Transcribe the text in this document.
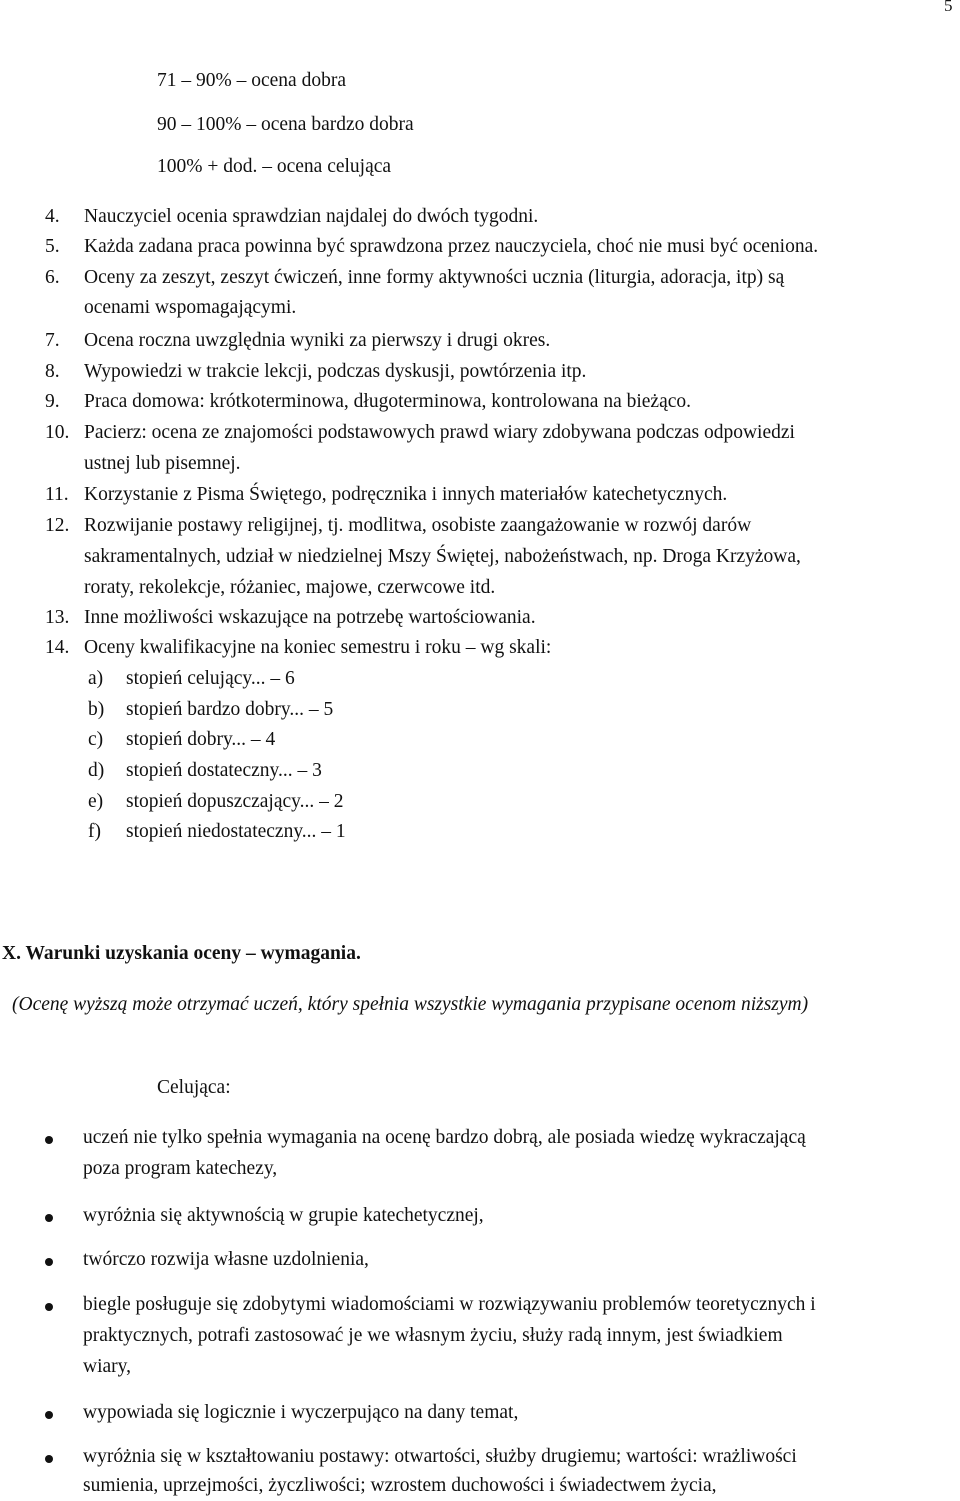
5
71 – 90% – ocena dobra
90 – 100% – ocena bardzo dobra
100% + dod. – ocena celująca
4. Nauczyciel ocenia sprawdzian najdalej do dwóch tygodni.
5. Każda zadana praca powinna być sprawdzona przez nauczyciela, choć nie musi być oceniona.
6. Oceny za zeszyt, zeszyt ćwiczeń, inne formy aktywności ucznia (liturgia, adoracja, itp) są
ocenami wspomagającymi.
7. Ocena roczna uwzględnia wyniki za pierwszy i drugi okres.
8. Wypowiedzi w trakcie lekcji, podczas dyskusji, powtórzenia itp.
9. Praca domowa: krótkoterminowa, długoterminowa, kontrolowana na bieżąco.
10. Pacierz: ocena ze znajomości podstawowych prawd wiary zdobywana podczas odpowiedzi
ustnej lub pisemnej.
11. Korzystanie z Pisma Świętego, podręcznika i innych materiałów katechetycznych.
12. Rozwijanie postawy religijnej, tj. modlitwa, osobiste zaangażowanie w rozwój darów
sakramentalnych, udział w niedzielnej Mszy Świętej, nabożeństwach, np. Droga Krzyżowa,
roraty, rekolekcje, różaniec, majowe, czerwcowe itd.
13. Inne możliwości wskazujące na potrzebę wartościowania.
14. Oceny kwalifikacyjne na koniec semestru i roku – wg skali:
a) stopień celujący... – 6
b) stopień bardzo dobry... – 5
c) stopień dobry... – 4
d) stopień dostateczny... – 3
e) stopień dopuszczający... – 2
f) stopień niedostateczny... – 1
X. Warunki uzyskania oceny – wymagania.
(Ocenę wyższą może otrzymać uczeń, który spełnia wszystkie wymagania przypisane ocenom niższym)
Celująca:
uczeń nie tylko spełnia wymagania na ocenę bardzo dobrą, ale posiada wiedzę wykraczającą
poza program katechezy,
wyróżnia się aktywnością w grupie katechetycznej,
twórczo rozwija własne uzdolnienia,
biegle posługuje się zdobytymi wiadomościami w rozwiązywaniu problemów teoretycznych i
praktycznych, potrafi zastosować je we własnym życiu, służy radą innym, jest świadkiem
wiary,
wypowiada się logicznie i wyczerpująco na dany temat,
wyróżnia się w kształtowaniu postawy: otwartości, służby drugiemu; wartości: wrażliwości
sumienia, uprzejmości, życzliwości; wzrostem duchowości i świadectwem życia,
